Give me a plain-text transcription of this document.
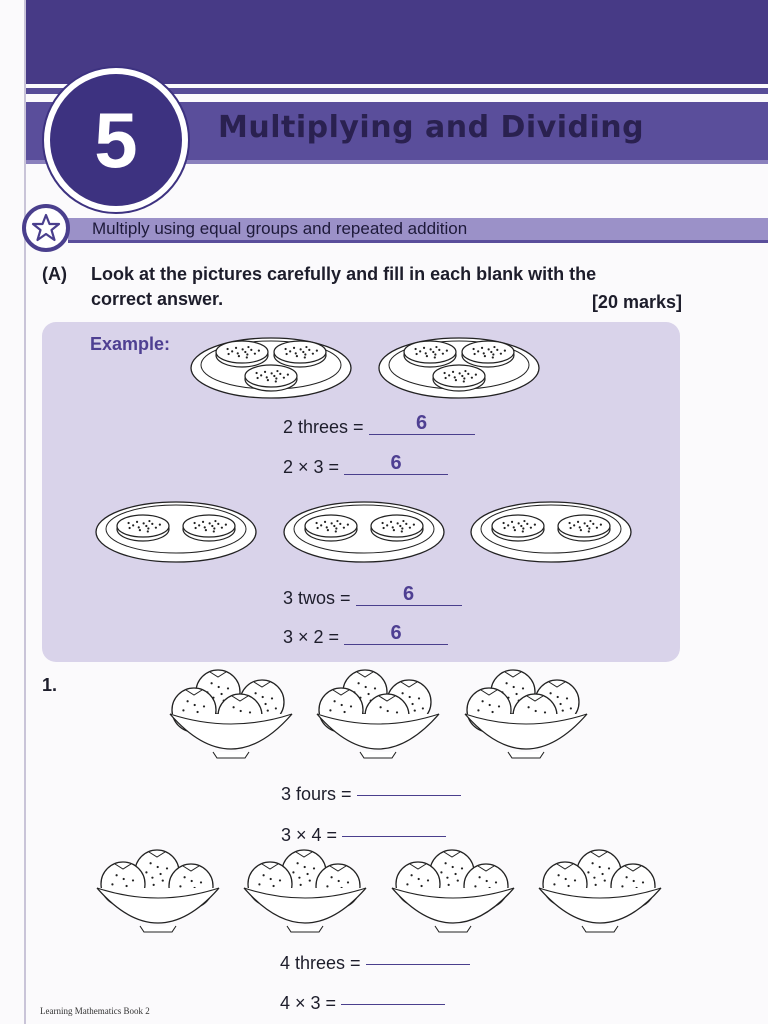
5	Multiplying and Dividing
Multiply using equal groups and repeated addition
(A) Look at the pictures carefully and fill in each blank with the
correct answer.	[20 marks]
Example:
2 threes =	6
2 × 3 =	6
3 twos =	6
3 × 2 =	6
1.
3 fours =
3 × 4 =
4 threes =
4 × 3 =
Learning Mathematics Book 2
